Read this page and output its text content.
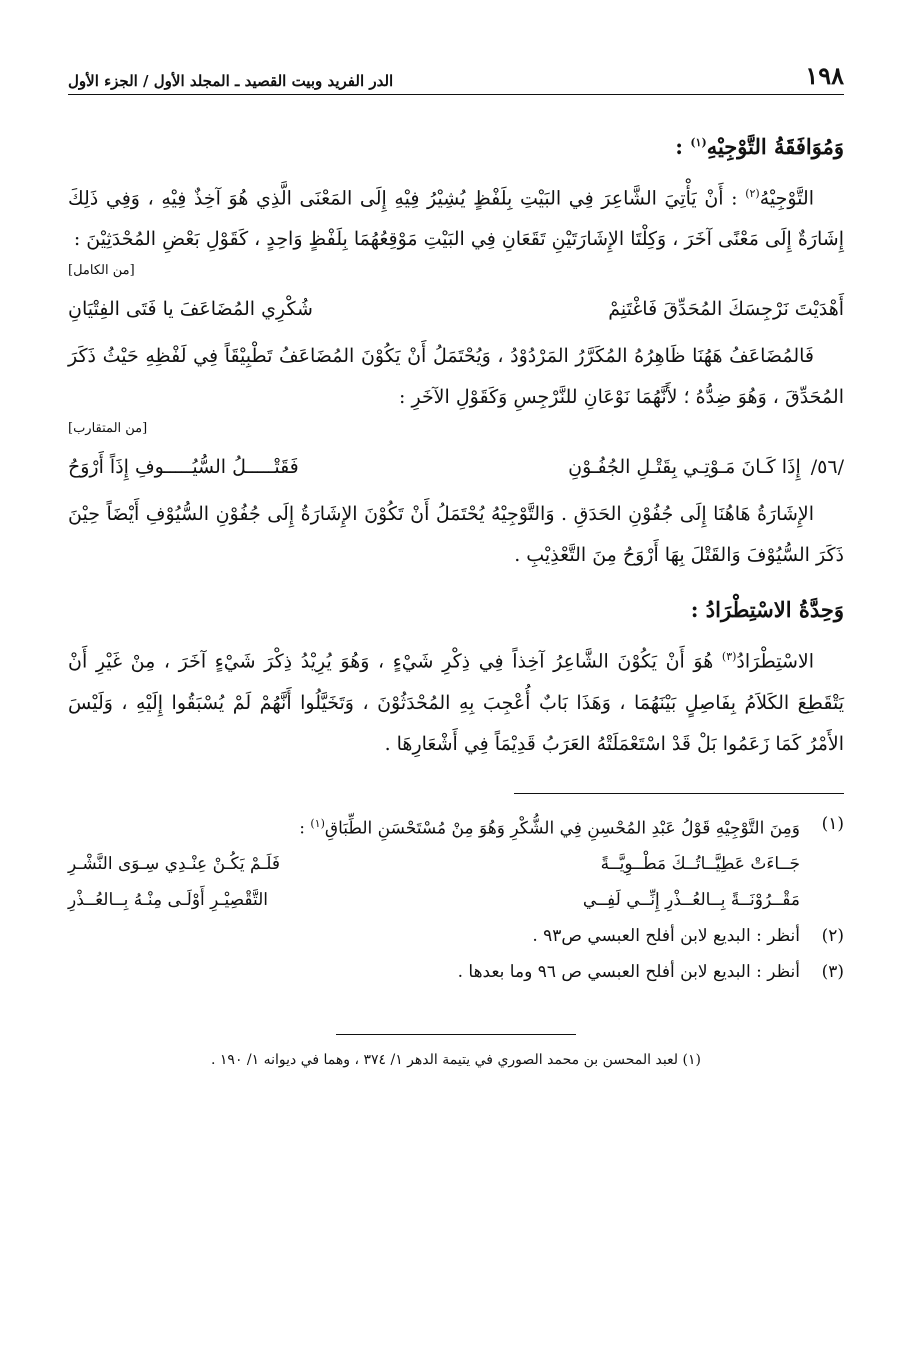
١٩٨
الدر الفريد وبيت القصيد ـ المجلد الأول / الجزء الأول

وَمُوَافَقَةُ التَّوْجِيْهِ$^{(١)}$ :

التَّوْجِيْهُ$^{(٢)}$ : أَنْ يَأْتِيَ الشَّاعِرَ فِي البَيْتِ بِلَفْظٍ يُشِيْرُ فِيْهِ إِلَى المَعْنَى الَّذِي هُوَ آخِذٌ فِيْهِ ، وَفِي ذَلِكَ إِشَارَةٌ إِلَى مَعْنًى آخَرَ ، وَكِلْتَا الإِشَارَتَيْنِ تَقَعَانِ فِي البَيْتِ مَوْقِعُهُمَا بِلَفْظٍ وَاحِدٍ ، كَقَوْلِ بَعْضِ المُحْدَثِيْنَ :

[من الكامل]

أَهْدَيْتَ نَرْجِسَكَ المُحَدِّقَ فَاغْتَنِمْ
شُكْرِي المُضَاعَفَ يا فَتَى الفِتْيَانِ

فَالمُضَاعَفُ هَهُنَا ظَاهِرُهُ المُكَرَّرُ المَرْدُوْدُ ، وَيُحْتَمَلُ أَنْ يَكُوْنَ المُضَاعَفُ تَطْبِيْقَاً فِي لَفْظِهِ حَيْثُ ذَكَرَ المُحَدِّقَ ، وَهُوَ ضِدُّهُ ؛ لأَنَّهُمَا نَوْعَانِ للنَّرْجِسِ وَكَقَوْلِ الآخَرِ :

[من المتقارب]

/٥٦/
إِذَا كَـانَ مَـوْتِـي بِقَتْـلِ الجُفُـوْنِ
فَقَتْـــــلُ السُّيُـــــوفِ إِذَاً أَرْوَحُ

الإِشَارَةُ هَاهُنَا إِلَى جُفُوْنِ الحَدَقِ . وَالتَّوْجِيْهُ يُحْتَمَلُ أَنْ تَكُوْنَ الإِشَارَةُ إِلَى جُفُوْنِ السُّيُوْفِ أَيْضَاً حِيْنَ ذَكَرَ السُّيُوْفَ وَالقَتْلَ بِهَا أَرْوَحُ مِنَ التَّعْذِيْبِ .

وَحِدَّةُ الاسْتِطْرَادُ :

الاسْتِطْرَادُ$^{(٣)}$ هُوَ أَنْ يَكُوْنَ الشَّاعِرُ آخِذاً فِي ذِكْرِ شَيْءٍ ، وَهُوَ يُرِيْدُ ذِكْرَ شَيْءٍ آخَرَ ، مِنْ غَيْرِ أَنْ يَتْقَطِعَ الكَلاَمُ بِفَاصِلٍ بَيْنَهُمَا ، وَهَذَا بَابٌ أُعْجِبَ بِهِ المُحْدَثُوْنَ ، وَتَخَيَّلُوا أَنَّهُمْ لَمْ يُسْبَقُوا إِلَيْهِ ، وَلَيْسَ الأَمْرُ كَمَا زَعَمُوا بَلْ قَدْ اسْتَعْمَلَتْهُ العَرَبُ قَدِيْمَاً فِي أَشْعَارِهَا .

(١)
وَمِنَ التَّوْجِيْهِ قَوْلُ عَبْدِ المُحْسِنِ فِي الشُّكْرِ وَهُوَ مِنْ مُسْتَحْسَنِ الطِّبَاقِ$^{(١)}$ :
جَــاءَتْ عَطِيَّــاتُــكَ مَطْــوِيَّــةً
فَلَـمْ يَكُـنْ عِنْـدِي سِـوَى النَّشْـرِ
مَقْــرُوْنَــةً بِــالعُــذْرِ إِنِّــي لَفِــي
التَّقْصِيْـرِ أَوْلَـى مِنْـهُ بِــالعُــذْرِ
(٢)
أنظر : البديع لابن أفلح العبسي ص٩٣ .
(٣)
أنظر : البديع لابن أفلح العبسي ص ٩٦ وما بعدها .
(١) لعبد المحسن بن محمد الصوري في يتيمة الدهر ١/ ٣٧٤ ، وهما في ديوانه ١/ ١٩٠ .
